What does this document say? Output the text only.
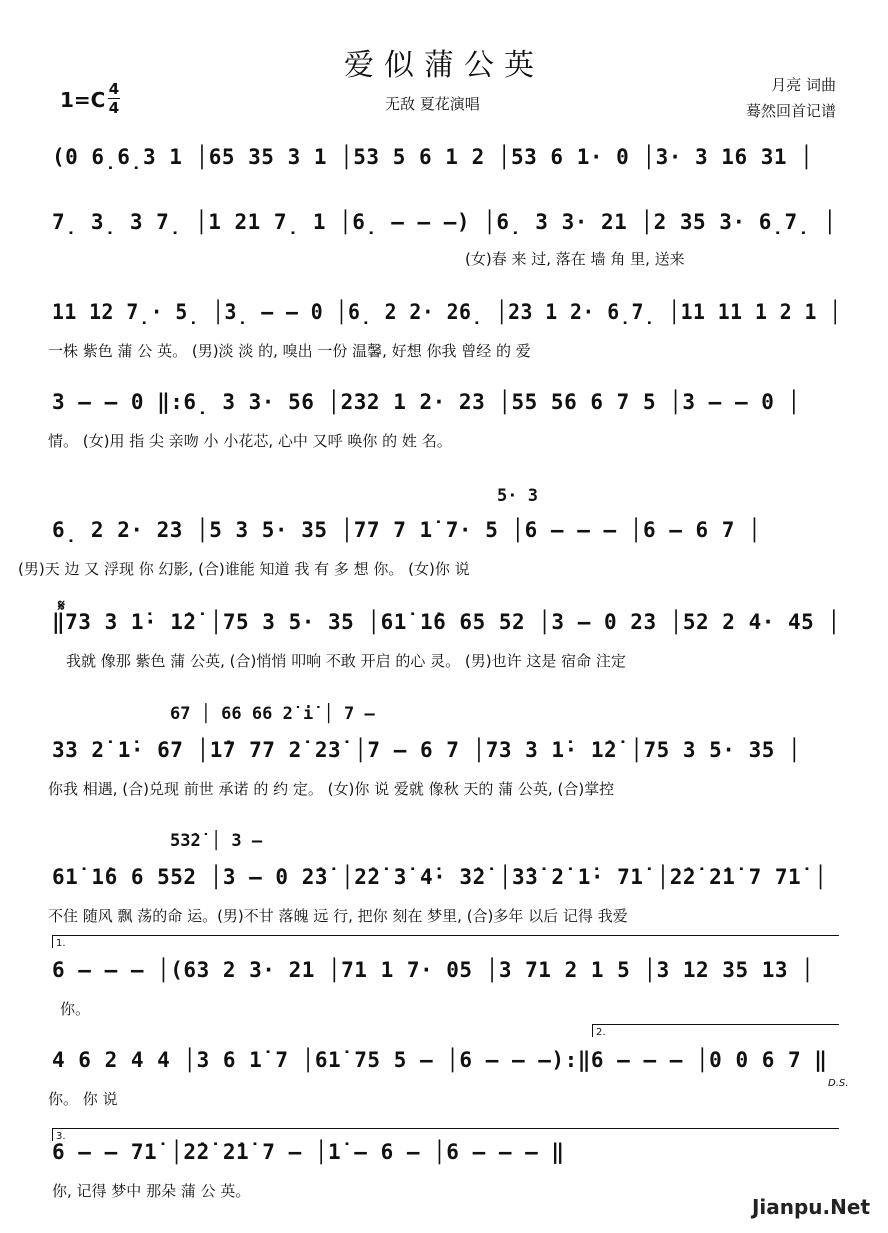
爱似蒲公英
1=C 4
4	无敌 夏花演唱
月亮 词曲
蓦然回首记谱
5· 3
𝄋
67 │ 66 66 2̇ i̇ │ 7 –
53̇2̇ │ 3 –
D.S.
1.
2.
3.
(0 6̣6̣3 1 │65 35 3 1 │53 5 6 1 2 │53 6 1· 0 │3· 3 16 31 │
7̣ 3̣ 3 7̣ │1 21 7̣ 1 │6̣ – – –) │6̣ 3 3· 21 │2 35 3· 6̣7̣ │
(女)春 来 过, 落在 墙 角 里, 送来
11 12 7̣· 5̣ │3̣ – – 0 │6̣ 2 2· 26̣ │23 1 2· 6̣7̣ │11 11 1 2 1 │
一株 紫色 蒲 公 英。 (男)淡 淡 的, 嗅出 一份 温馨, 好想 你我 曾经 的 爱
3 – – 0 ‖:6̣ 3 3· 56 │232 1 2· 23 │55 56 6 7 5 │3 – – 0 │
情。 (女)用 指 尖 亲吻 小 小花芯, 心中 又呼 唤你 的 姓 名。
6̣ 2 2· 23 │5 3 5· 35 │77 7 1̇ 7· 5 │6 – – – │6 – 6 7 │
(男)天 边 又 浮现 你 幻影, (合)谁能 知道 我 有 多 想 你。 (女)你 说
‖73 3 1̇· 1̇2̇ │75 3 5· 35 │61̇ 1̇6 65 52 │3 – 0 23 │52 2 4· 45 │
我就 像那 紫色 蒲 公英, (合)悄悄 叩响 不敢 开启 的心 灵。 (男)也许 这是 宿命 注定
33 2̇ 1̇· 67 │1̇7 77 2̇ 23̇ │7 – 6 7 │73 3 1̇· 1̇2̇ │75 3 5· 35 │
你我 相遇, (合)兑现 前世 承诺 的 约 定。 (女)你 说 爱就 像秋 天的 蒲 公英, (合)掌控
61̇ 1̇6 6 552 │3 – 0 2̇3̇ │2̇2̇ 3̇ 4̇· 3̇2̇ │3̇3̇ 2̇ 1̇· 71̇ │2̇2̇ 2̇1̇ 7 71̇ │
不住 随风 飘 荡的命 运。(男)不甘 落魄 远 行, 把你 刻在 梦里, (合)多年 以后 记得 我爱
6 – – – │(63 2 3· 21 │71 1 7· 05 │3 71 2 1 5 │3 12 35 13 │
你。
4 6 2 4 4 │3 6 1̇ 7 │61̇ 75 5 – │6 – – –):‖6 – – – │0 0 6 7 ‖
你。 你 说
6 – – 71̇ │2̇2̇ 2̇1̇ 7 – │1̇ – 6 – │6 – – – ‖
你, 记得 梦中 那朵 蒲 公 英。
Jianpu.Net
